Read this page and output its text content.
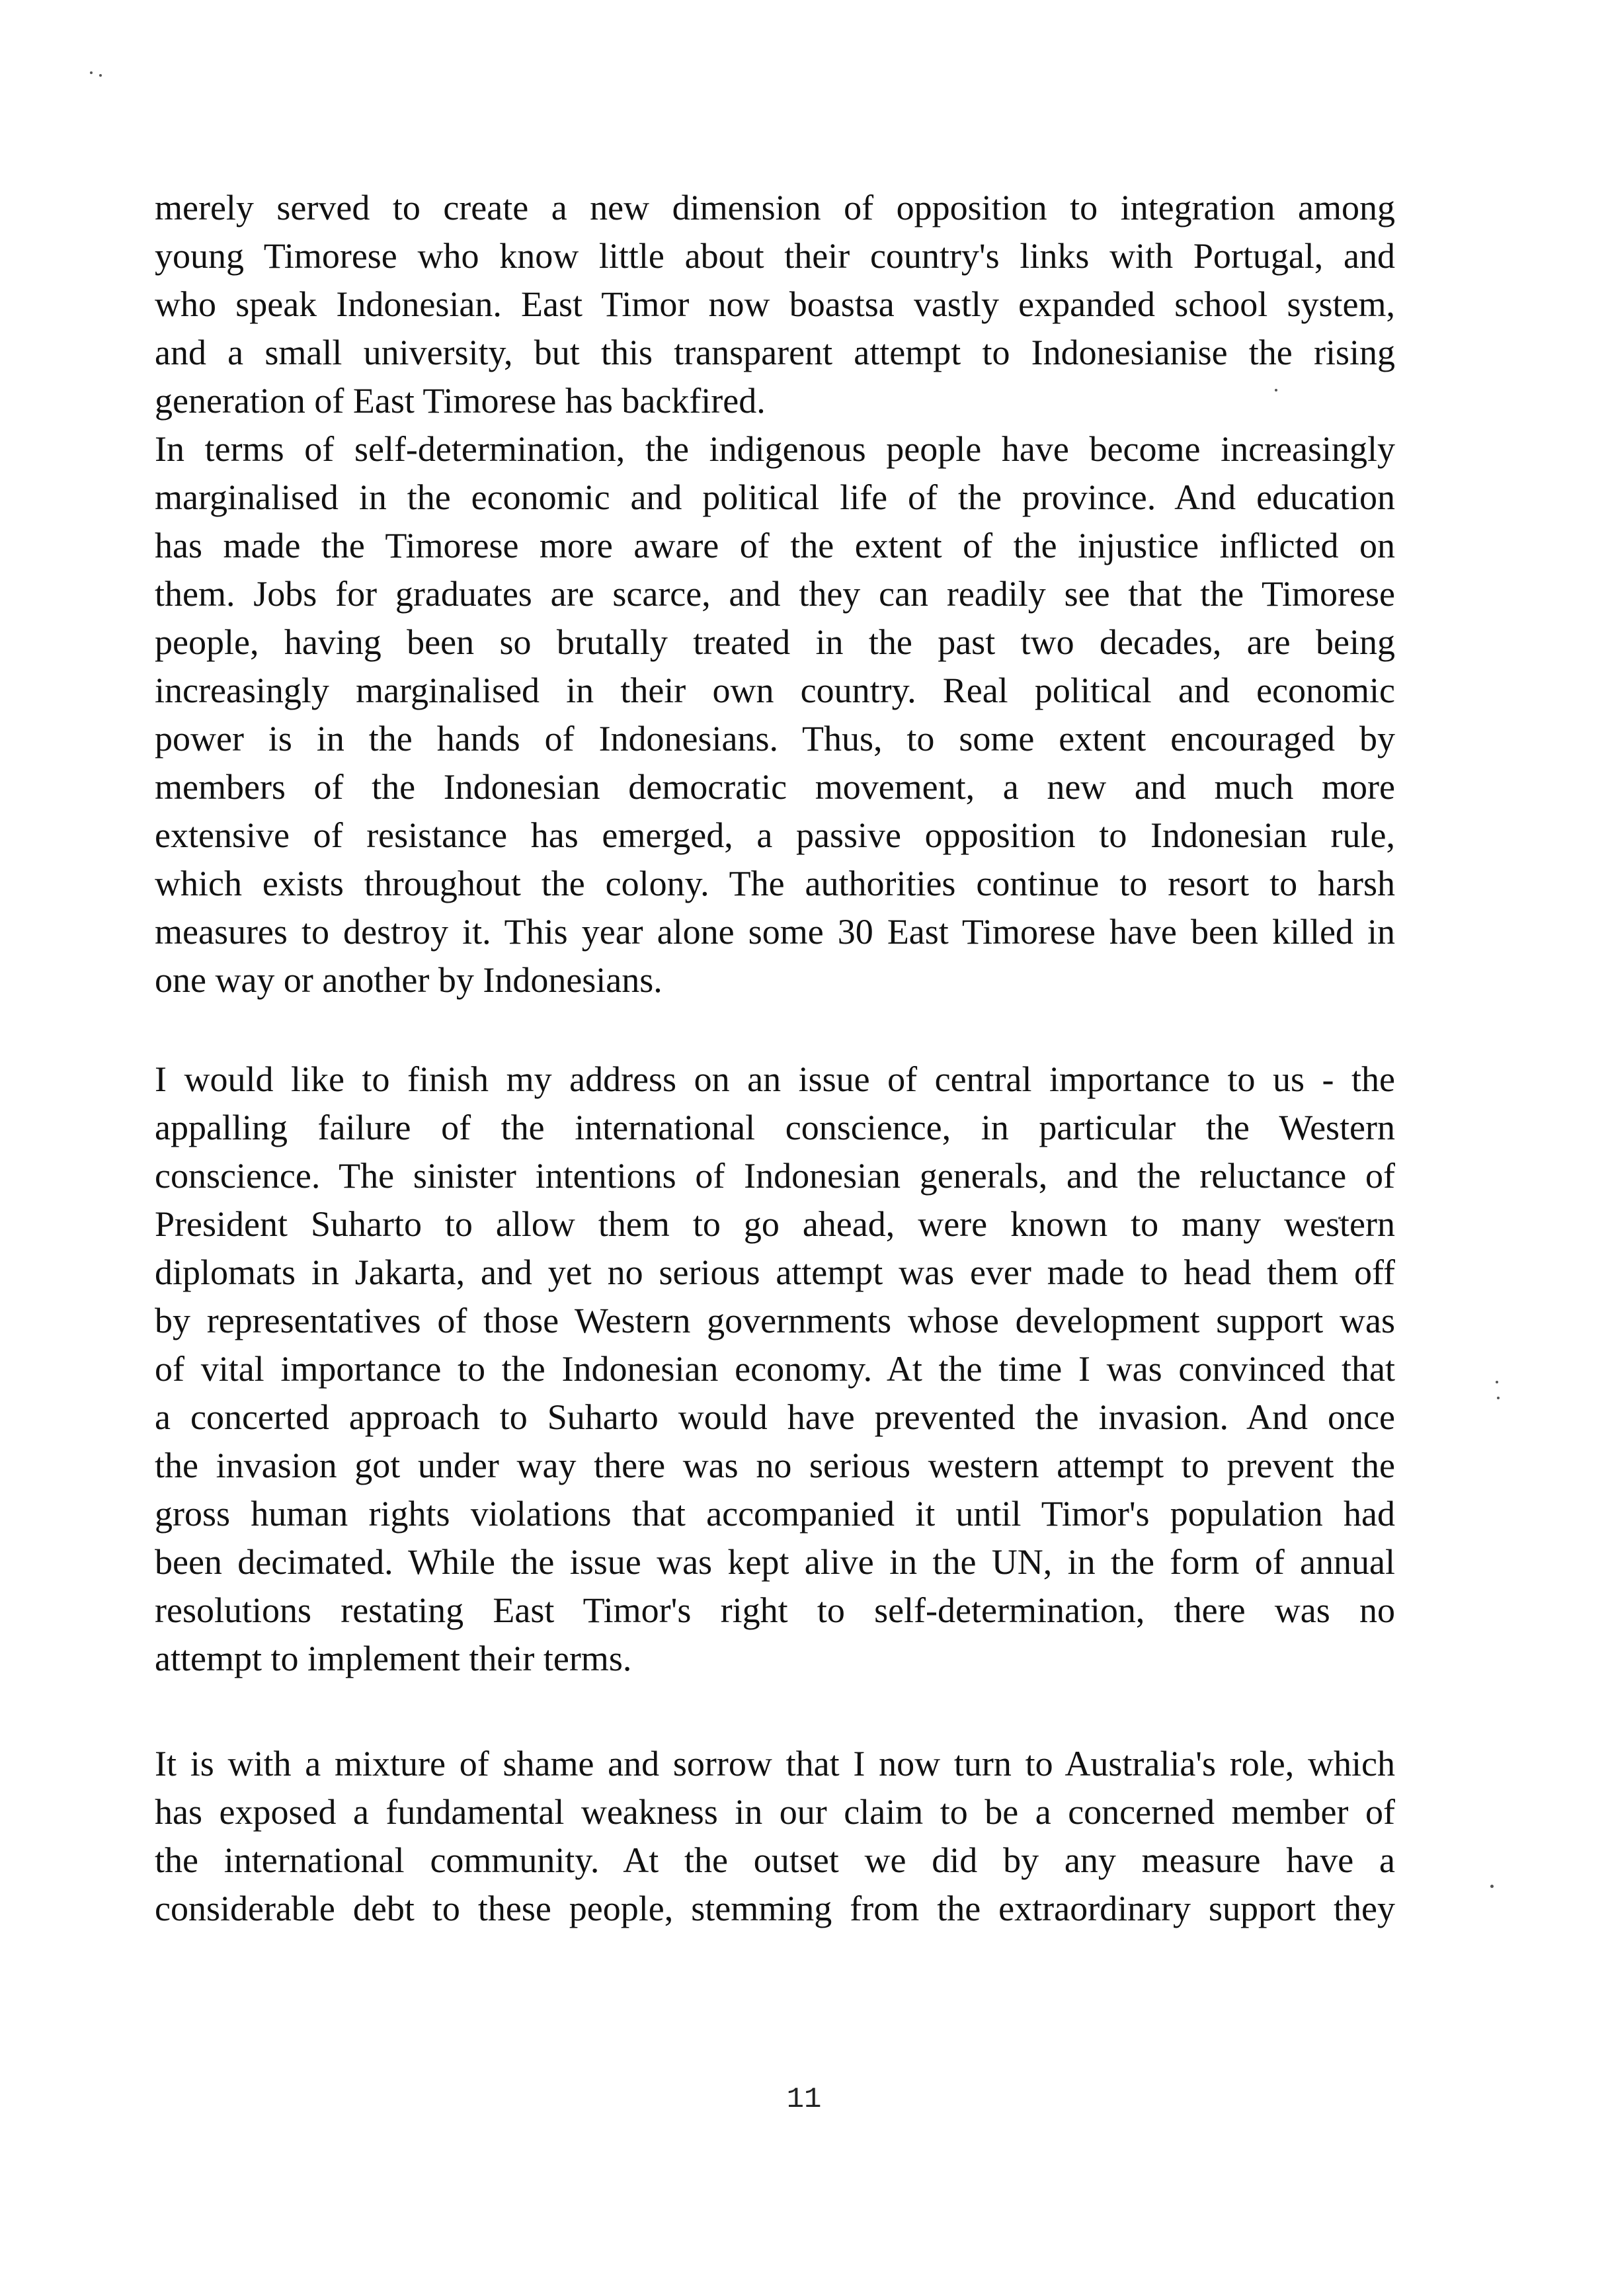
merely served to create a new dimension of opposition to integration among
young Timorese who know little about their country's links with Portugal, and
who speak Indonesian. East Timor now boastsa vastly expanded school system,
and a small university, but this transparent attempt to Indonesianise the rising
generation of East Timorese has backfired.
In terms of self-determination, the indigenous people have become increasingly
marginalised in the economic and political life of the province. And education
has made the Timorese more aware of the extent of the injustice inflicted on
them. Jobs for graduates are scarce, and they can readily see that the Timorese
people, having been so brutally treated in the past two decades, are being
increasingly marginalised in their own country. Real political and economic
power is in the hands of Indonesians. Thus, to some extent encouraged by
members of the Indonesian democratic movement, a new and much more
extensive of resistance has emerged, a passive opposition to Indonesian rule,
which exists throughout the colony. The authorities continue to resort to harsh
measures to destroy it. This year alone some 30 East Timorese have been killed in
one way or another by Indonesians.
I would like to finish my address on an issue of central importance to us - the
appalling failure of the international conscience, in particular the Western
conscience. The sinister intentions of Indonesian generals, and the reluctance of
President Suharto to allow them to go ahead, were known to many western
diplomats in Jakarta, and yet no serious attempt was ever made to head them off
by representatives of those Western governments whose development support was
of vital importance to the Indonesian economy. At the time I was convinced that
a concerted approach to Suharto would have prevented the invasion. And once
the invasion got under way there was no serious western attempt to prevent the
gross human rights violations that accompanied it until Timor's population had
been decimated. While the issue was kept alive in the UN, in the form of annual
resolutions restating East Timor's right to self-determination, there was no
attempt to implement their terms.
It is with a mixture of shame and sorrow that I now turn to Australia's role, which
has exposed a fundamental weakness in our claim to be a concerned member of
the international community. At the outset we did by any measure have a
considerable debt to these people, stemming from the extraordinary support they
11
